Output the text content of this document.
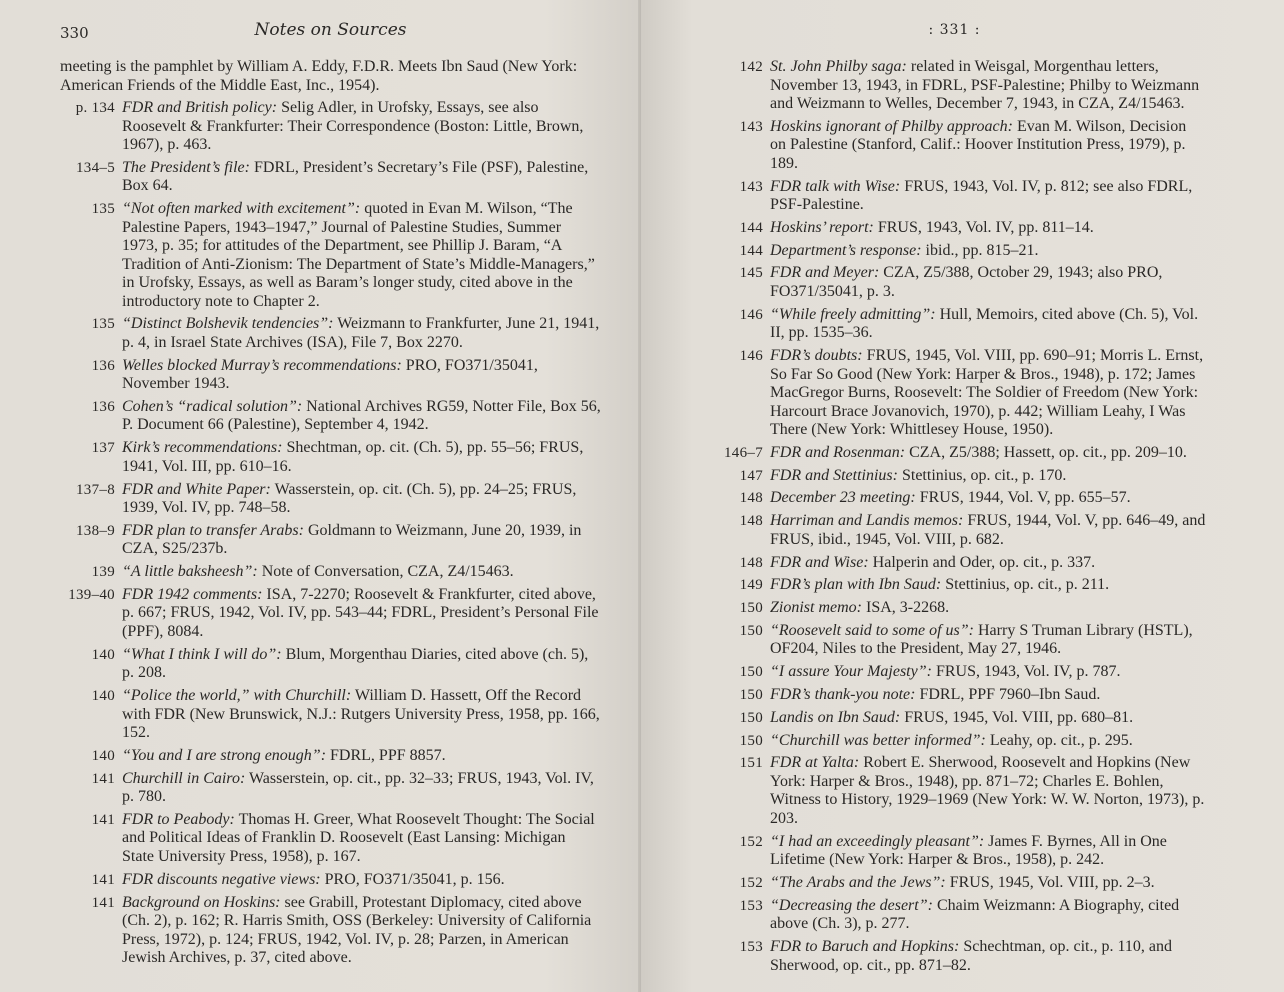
330	Notes on Sources
meeting is the pamphlet by William A. Eddy, F.D.R. Meets Ibn Saud (New York: American Friends of the Middle East, Inc., 1954).
p. 134 FDR and British policy: Selig Adler, in Urofsky, Essays, see also Roosevelt & Frankfurter: Their Correspondence (Boston: Little, Brown, 1967), p. 463.
134–5 The President’s file: FDRL, President’s Secretary’s File (PSF), Palestine, Box 64.
135 “Not often marked with excitement”: quoted in Evan M. Wilson, “The Palestine Papers, 1943–1947,” Journal of Palestine Studies, Summer 1973, p. 35; for attitudes of the Department, see Phillip J. Baram, “A Tradition of Anti-Zionism: The Department of State’s Middle-Managers,” in Urofsky, Essays, as well as Baram’s longer study, cited above in the introductory note to Chapter 2.
135 “Distinct Bolshevik tendencies”: Weizmann to Frankfurter, June 21, 1941, p. 4, in Israel State Archives (ISA), File 7, Box 2270.
136 Welles blocked Murray’s recommendations: PRO, FO371/35041, November 1943.
136 Cohen’s “radical solution”: National Archives RG59, Notter File, Box 56, P. Document 66 (Palestine), September 4, 1942.
137 Kirk’s recommendations: Shechtman, op. cit. (Ch. 5), pp. 55–56; FRUS, 1941, Vol. III, pp. 610–16.
137–8 FDR and White Paper: Wasserstein, op. cit. (Ch. 5), pp. 24–25; FRUS, 1939, Vol. IV, pp. 748–58.
138–9 FDR plan to transfer Arabs: Goldmann to Weizmann, June 20, 1939, in CZA, S25/237b.
139 “A little baksheesh”: Note of Conversation, CZA, Z4/15463.
139–40 FDR 1942 comments: ISA, 7-2270; Roosevelt & Frankfurter, cited above, p. 667; FRUS, 1942, Vol. IV, pp. 543–44; FDRL, President’s Personal File (PPF), 8084.
140 “What I think I will do”: Blum, Morgenthau Diaries, cited above (ch. 5), p. 208.
140 “Police the world,” with Churchill: William D. Hassett, Off the Record with FDR (New Brunswick, N.J.: Rutgers University Press, 1958, pp. 166, 152.
140 “You and I are strong enough”: FDRL, PPF 8857.
141 Churchill in Cairo: Wasserstein, op. cit., pp. 32–33; FRUS, 1943, Vol. IV, p. 780.
141 FDR to Peabody: Thomas H. Greer, What Roosevelt Thought: The Social and Political Ideas of Franklin D. Roosevelt (East Lansing: Michigan State University Press, 1958), p. 167.
141 FDR discounts negative views: PRO, FO371/35041, p. 156.
141 Background on Hoskins: see Grabill, Protestant Diplomacy, cited above (Ch. 2), p. 162; R. Harris Smith, OSS (Berkeley: University of California Press, 1972), p. 124; FRUS, 1942, Vol. IV, p. 28; Parzen, in American Jewish Archives, p. 37, cited above.
: 331 :
142 St. John Philby saga: related in Weisgal, Morgenthau letters, November 13, 1943, in FDRL, PSF-Palestine; Philby to Weizmann and Weizmann to Welles, December 7, 1943, in CZA, Z4/15463.
143 Hoskins ignorant of Philby approach: Evan M. Wilson, Decision on Palestine (Stanford, Calif.: Hoover Institution Press, 1979), p. 189.
143 FDR talk with Wise: FRUS, 1943, Vol. IV, p. 812; see also FDRL, PSF-Palestine.
144 Hoskins’ report: FRUS, 1943, Vol. IV, pp. 811–14.
144 Department’s response: ibid., pp. 815–21.
145 FDR and Meyer: CZA, Z5/388, October 29, 1943; also PRO, FO371/35041, p. 3.
146 “While freely admitting”: Hull, Memoirs, cited above (Ch. 5), Vol. II, pp. 1535–36.
146 FDR’s doubts: FRUS, 1945, Vol. VIII, pp. 690–91; Morris L. Ernst, So Far So Good (New York: Harper & Bros., 1948), p. 172; James MacGregor Burns, Roosevelt: The Soldier of Freedom (New York: Harcourt Brace Jovanovich, 1970), p. 442; William Leahy, I Was There (New York: Whittlesey House, 1950).
146–7 FDR and Rosenman: CZA, Z5/388; Hassett, op. cit., pp. 209–10.
147 FDR and Stettinius: Stettinius, op. cit., p. 170.
148 December 23 meeting: FRUS, 1944, Vol. V, pp. 655–57.
148 Harriman and Landis memos: FRUS, 1944, Vol. V, pp. 646–49, and FRUS, ibid., 1945, Vol. VIII, p. 682.
148 FDR and Wise: Halperin and Oder, op. cit., p. 337.
149 FDR’s plan with Ibn Saud: Stettinius, op. cit., p. 211.
150 Zionist memo: ISA, 3-2268.
150 “Roosevelt said to some of us”: Harry S Truman Library (HSTL), OF204, Niles to the President, May 27, 1946.
150 “I assure Your Majesty”: FRUS, 1943, Vol. IV, p. 787.
150 FDR’s thank-you note: FDRL, PPF 7960–Ibn Saud.
150 Landis on Ibn Saud: FRUS, 1945, Vol. VIII, pp. 680–81.
150 “Churchill was better informed”: Leahy, op. cit., p. 295.
151 FDR at Yalta: Robert E. Sherwood, Roosevelt and Hopkins (New York: Harper & Bros., 1948), pp. 871–72; Charles E. Bohlen, Witness to History, 1929–1969 (New York: W. W. Norton, 1973), p. 203.
152 “I had an exceedingly pleasant”: James F. Byrnes, All in One Lifetime (New York: Harper & Bros., 1958), p. 242.
152 “The Arabs and the Jews”: FRUS, 1945, Vol. VIII, pp. 2–3.
153 “Decreasing the desert”: Chaim Weizmann: A Biography, cited above (Ch. 3), p. 277.
153 FDR to Baruch and Hopkins: Schechtman, op. cit., p. 110, and Sherwood, op. cit., pp. 871–82.
